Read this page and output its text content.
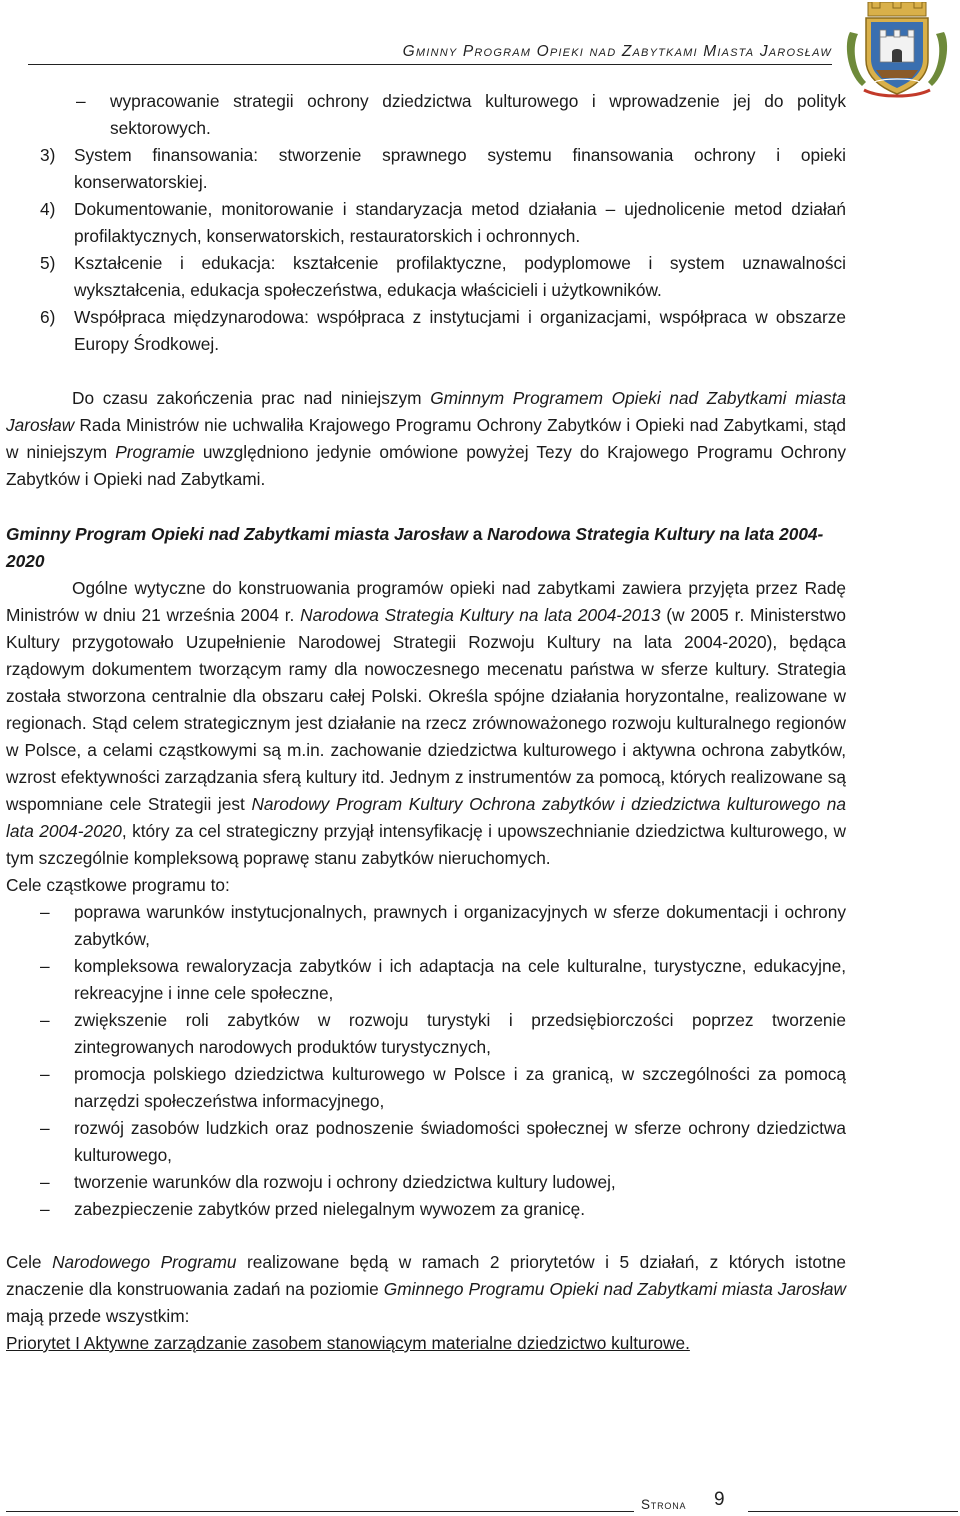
Gminny Program Opieki nad Zabytkami Miasta Jarosław
–	wypracowanie strategii ochrony dziedzictwa kulturowego i wprowadzenie jej do polityk sektorowych.
3)	System finansowania: stworzenie sprawnego systemu finansowania ochrony i opieki konserwatorskiej.
4)	Dokumentowanie, monitorowanie i standaryzacja metod działania – ujednolicenie metod działań profilaktycznych, konserwatorskich, restauratorskich i ochronnych.
5)	Kształcenie i edukacja: kształcenie profilaktyczne, podyplomowe i system uznawalności wykształcenia, edukacja społeczeństwa, edukacja właścicieli i użytkowników.
6)	Współpraca międzynarodowa: współpraca z instytucjami i organizacjami, współpraca w obszarze Europy Środkowej.

Do czasu zakończenia prac nad niniejszym Gminnym Programem Opieki nad Zabytkami miasta Jarosław Rada Ministrów nie uchwaliła Krajowego Programu Ochrony Zabytków i Opieki nad Zabytkami, stąd w niniejszym Programie uwzględniono jedynie omówione powyżej Tezy do Krajowego Programu Ochrony Zabytków i Opieki nad Zabytkami.

Gminny Program Opieki nad Zabytkami miasta Jarosław a Narodowa Strategia Kultury na lata 2004-2020

Ogólne wytyczne do konstruowania programów opieki nad zabytkami zawiera przyjęta przez Radę Ministrów w dniu 21 września 2004 r. Narodowa Strategia Kultury na lata 2004-2013 (w 2005 r. Ministerstwo Kultury przygotowało Uzupełnienie Narodowej Strategii Rozwoju Kultury na lata 2004-2020), będąca rządowym dokumentem tworzącym ramy dla nowoczesnego mecenatu państwa w sferze kultury. Strategia została stworzona centralnie dla obszaru całej Polski. Określa spójne działania horyzontalne, realizowane w regionach. Stąd celem strategicznym jest działanie na rzecz zrównoważonego rozwoju kulturalnego regionów w Polsce, a celami cząstkowymi są m.in. zachowanie dziedzictwa kulturowego i aktywna ochrona zabytków, wzrost efektywności zarządzania sferą kultury itd. Jednym z instrumentów za pomocą, których realizowane są wspomniane cele Strategii jest Narodowy Program Kultury Ochrona zabytków i dziedzictwa kulturowego na lata 2004-2020, który za cel strategiczny przyjął intensyfikację i upowszechnianie dziedzictwa kulturowego, w tym szczególnie kompleksową poprawę stanu zabytków nieruchomych.

Cele cząstkowe programu to:
–	poprawa warunków instytucjonalnych, prawnych i organizacyjnych w sferze dokumentacji i ochrony zabytków,
–	kompleksowa rewaloryzacja zabytków i ich adaptacja na cele kulturalne, turystyczne, edukacyjne, rekreacyjne i inne cele społeczne,
–	zwiększenie roli zabytków w rozwoju turystyki i przedsiębiorczości poprzez tworzenie zintegrowanych narodowych produktów turystycznych,
–	promocja polskiego dziedzictwa kulturowego w Polsce i za granicą, w szczególności za pomocą narzędzi społeczeństwa informacyjnego,
–	rozwój zasobów ludzkich oraz podnoszenie świadomości społecznej w sferze ochrony dziedzictwa kulturowego,
–	tworzenie warunków dla rozwoju i ochrony dziedzictwa kultury ludowej,
–	zabezpieczenie zabytków przed nielegalnym wywozem za granicę.

Cele Narodowego Programu realizowane będą w ramach 2 priorytetów i 5 działań, z których istotne znaczenie dla konstruowania zadań na poziomie Gminnego Programu Opieki nad Zabytkami miasta Jarosław mają przede wszystkim:

Priorytet I Aktywne zarządzanie zasobem stanowiącym materialne dziedzictwo kulturowe.
Strona 9
